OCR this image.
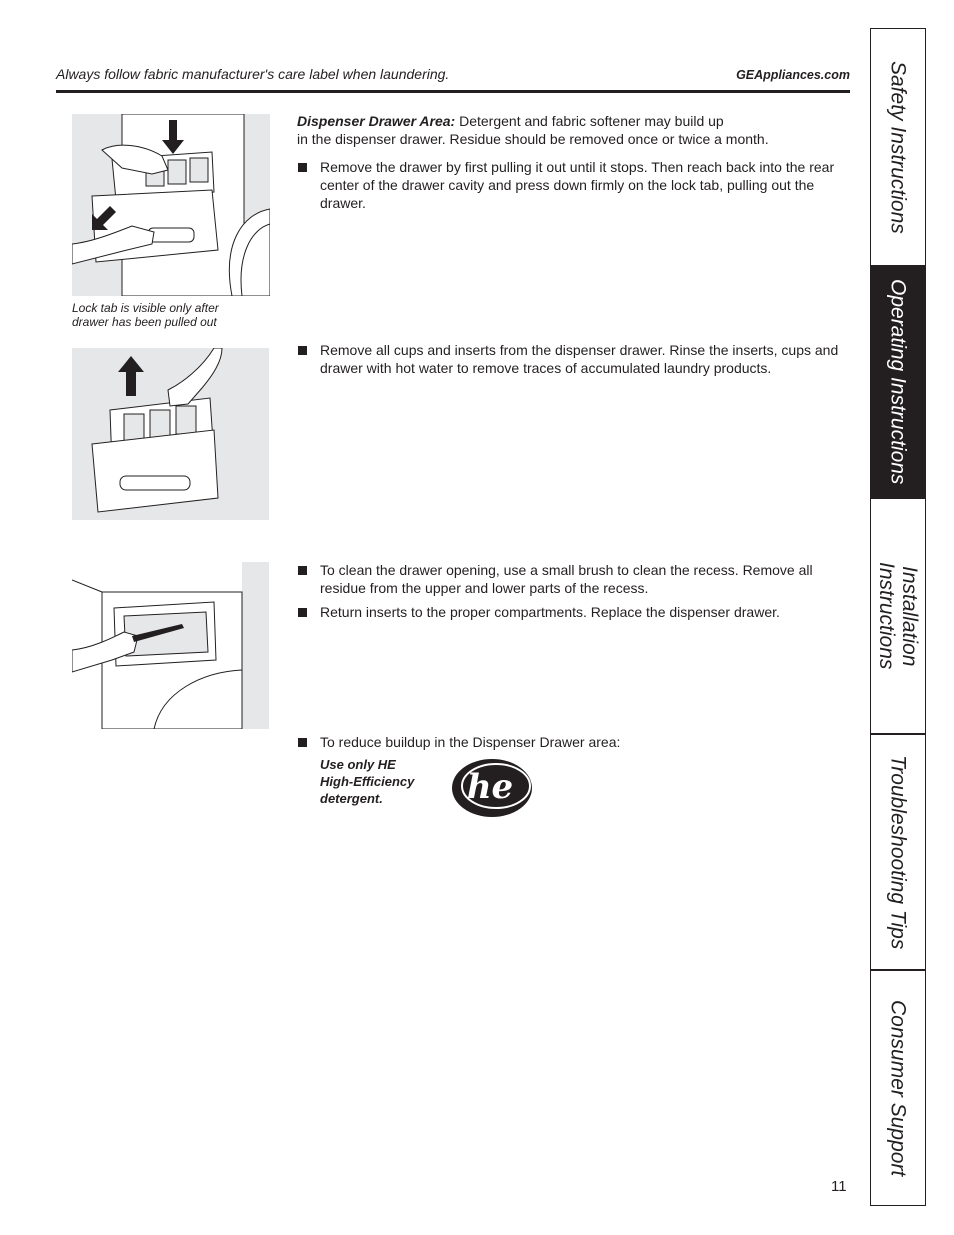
Always follow fabric manufacturer's care label when laundering.	GEAppliances.com
Lock tab is visible only after
drawer has been pulled out
Dispenser Drawer Area: Detergent and fabric softener may build up
in the dispenser drawer. Residue should be removed once or twice a month.
Remove the drawer by first pulling it out until it stops. Then reach back into the rear center of the drawer cavity and press down firmly on the lock tab, pulling out the drawer.
Remove all cups and inserts from the dispenser drawer. Rinse the inserts, cups and drawer with hot water to remove traces of accumulated laundry products.
To clean the drawer opening, use a small brush to clean the recess. Remove all residue from the upper and lower parts of the recess.
Return inserts to the proper compartments. Replace the dispenser drawer.
To reduce buildup in the Dispenser Drawer area:
Use only HE
High-Efficiency
detergent.	he
11
Safety Instructions
Operating Instructions
Installation
Instructions
Troubleshooting Tips
Consumer Support
